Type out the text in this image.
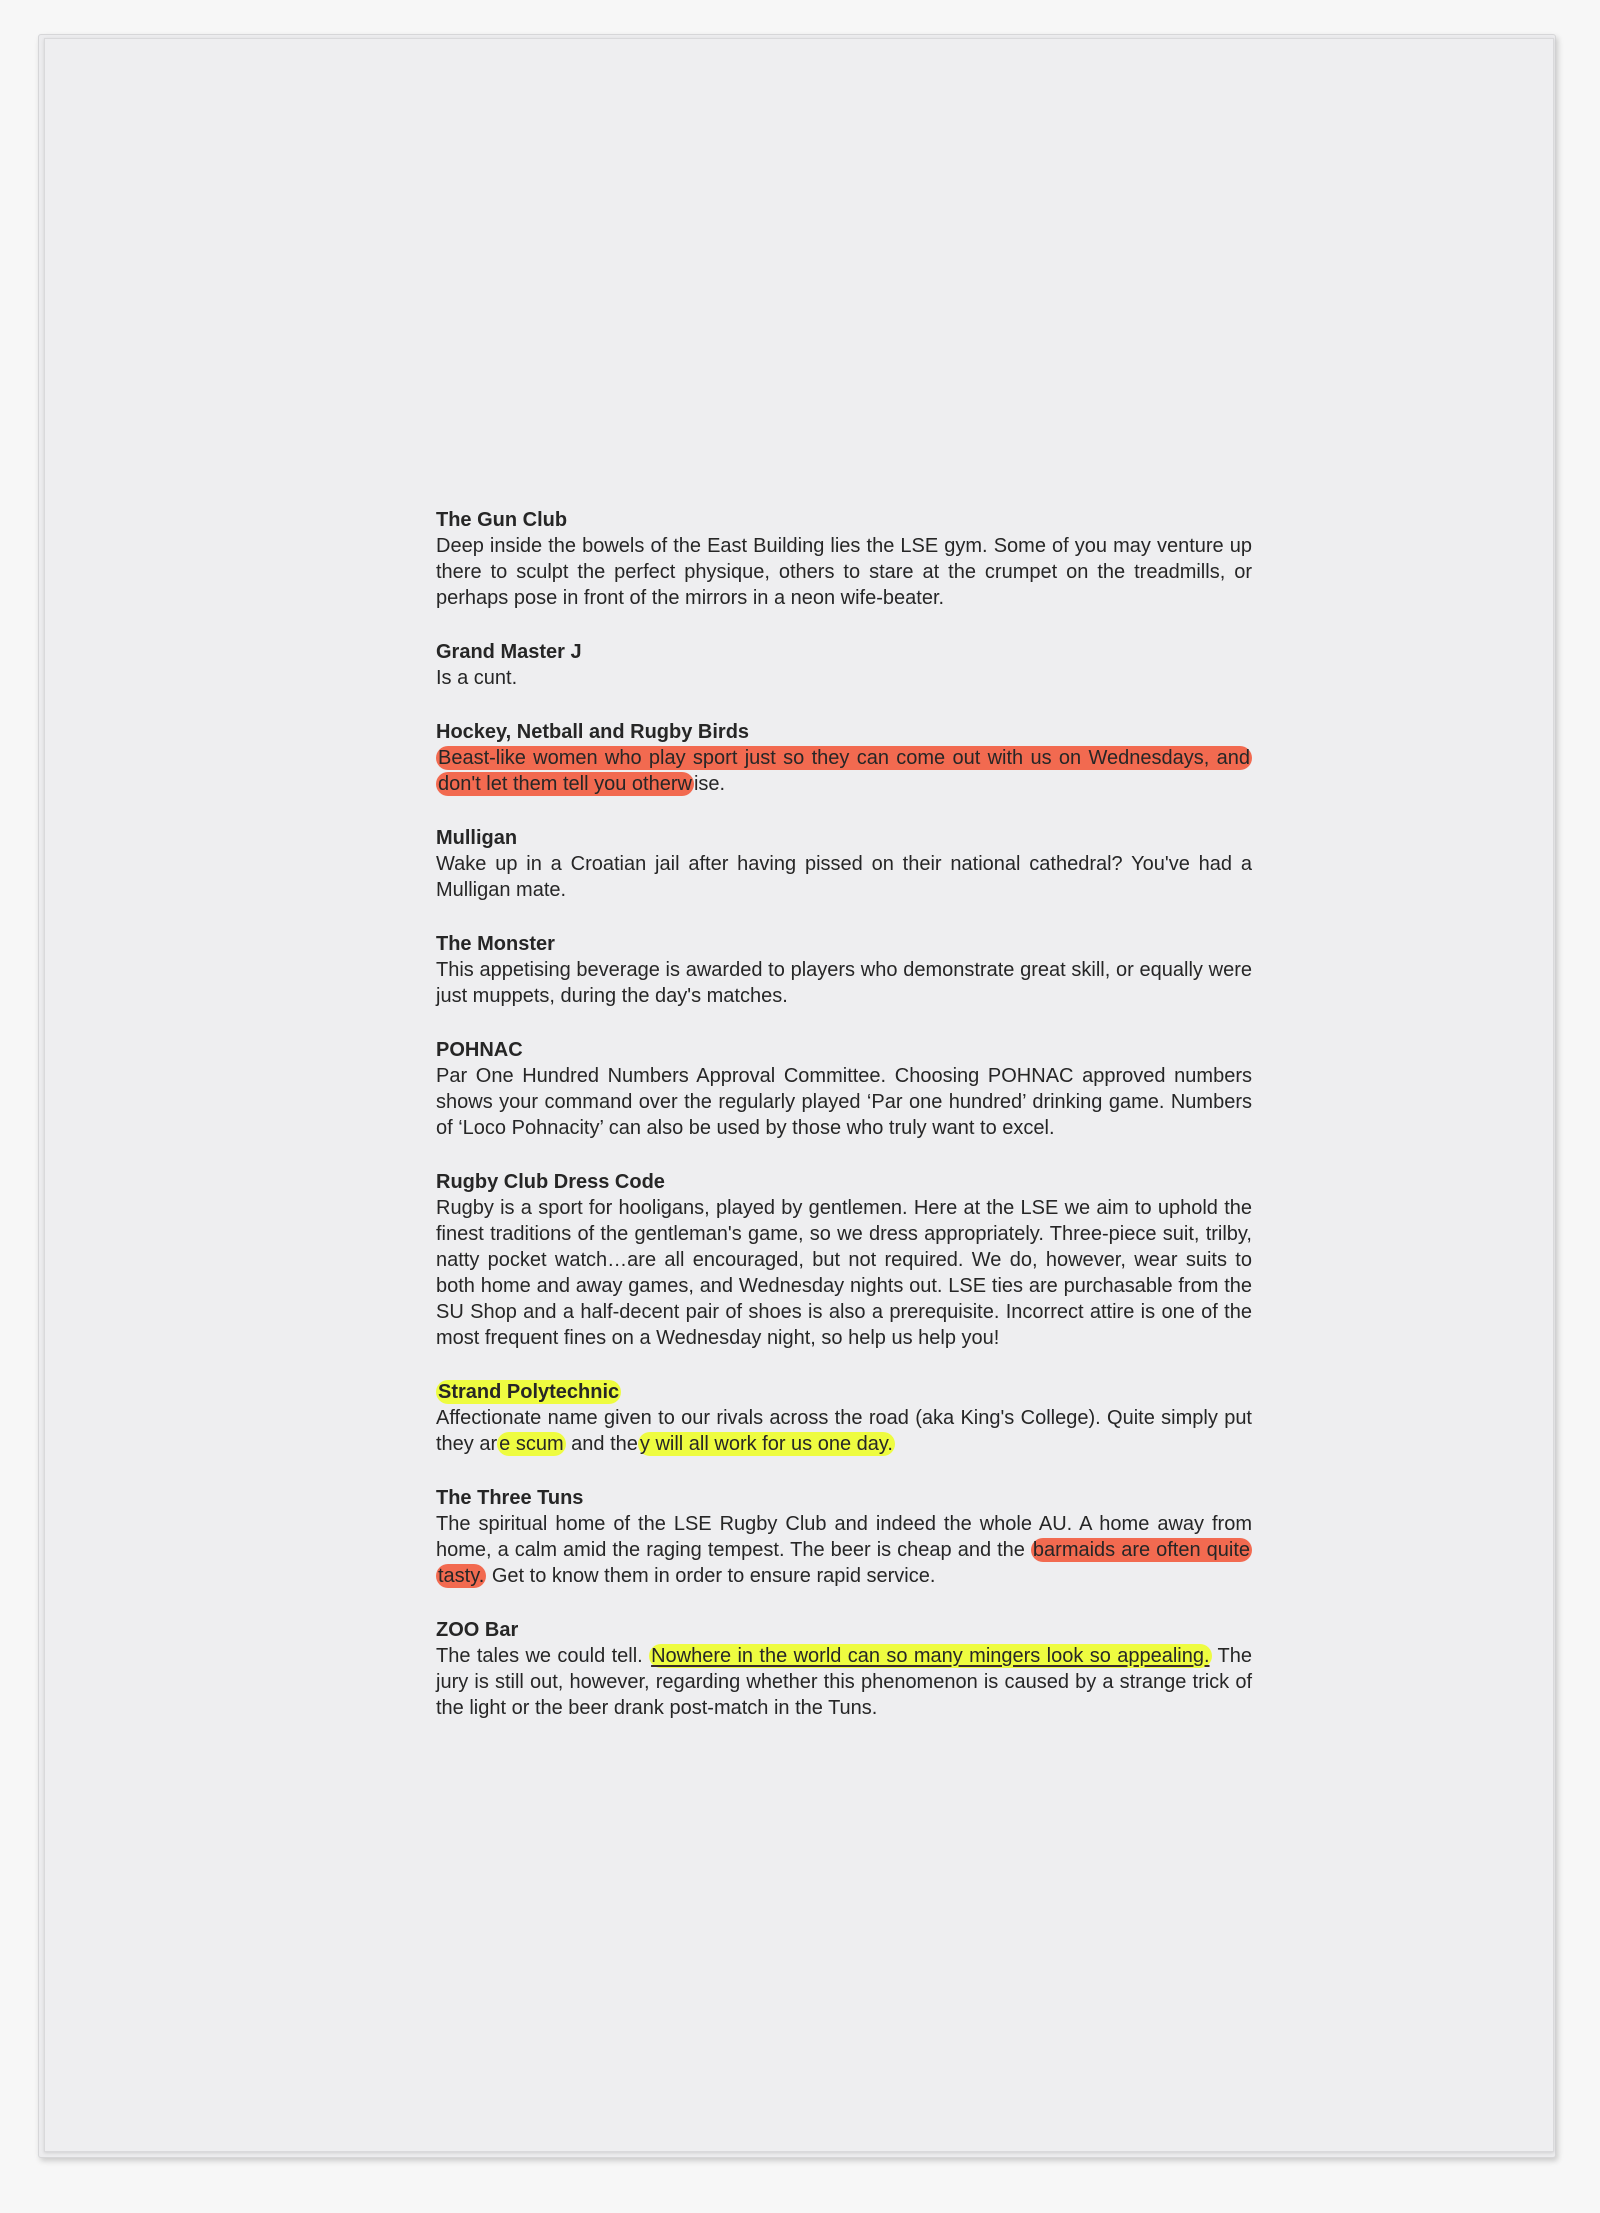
The Gun Club

Deep inside the bowels of the East Building lies the LSE gym. Some of you may venture up there to sculpt the perfect physique, others to stare at the crumpet on the treadmills, or perhaps pose in front of the mirrors in a neon wife-beater.

Grand Master J

Is a cunt.

Hockey, Netball and Rugby Birds

Beast-like women who play sport just so they can come out with us on Wednesdays, and don't let them tell you otherw ise.

Mulligan

Wake up in a Croatian jail after having pissed on their national cathedral? You've had a Mulligan mate.

The Monster

This appetising beverage is awarded to players who demonstrate great skill, or equally were just muppets, during the day's matches.

POHNAC

Par One Hundred Numbers Approval Committee. Choosing POHNAC approved numbers shows your command over the regularly played ‘Par one hundred’ drinking game. Numbers of ‘Loco Pohnacity’ can also be used by those who truly want to excel.

Rugby Club Dress Code

Rugby is a sport for hooligans, played by gentlemen. Here at the LSE we aim to uphold the finest traditions of the gentleman's game, so we dress appropriately. Three-piece suit, trilby, natty pocket watch…are all encouraged, but not required. We do, however, wear suits to both home and away games, and Wednesday nights out. LSE ties are purchasable from the SU Shop and a half-decent pair of shoes is also a prerequisite. Incorrect attire is one of the most frequent fines on a Wednesday night, so help us help you!

Strand Polytechnic

Affectionate name given to our rivals across the road (aka King's College). Quite simply put they ar e scum and the y will all work for us one day.

The Three Tuns

The spiritual home of the LSE Rugby Club and indeed the whole AU. A home away from home, a calm amid the raging tempest. The beer is cheap and the barmaids are often quite tasty. Get to know them in order to ensure rapid service.

ZOO Bar

The tales we could tell. Nowhere in the world can so many mingers look so appealing. The jury is still out, however, regarding whether this phenomenon is caused by a strange trick of the light or the beer drank post-match in the Tuns.
